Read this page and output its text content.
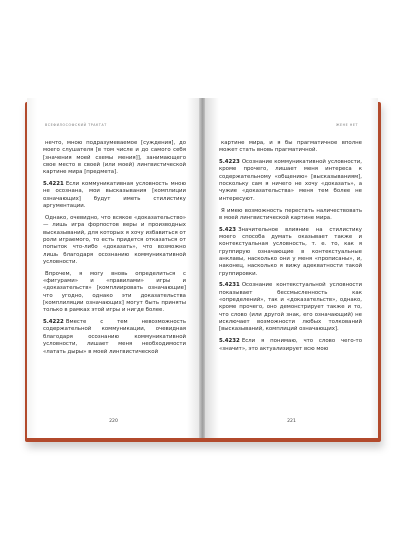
ВСЕФИЛОСОФСКИЙ ТРАКТАТ

нечто, мною подразумеваемое [суждения], до моего слушателя [в том числе и до самого себя [значения моей схемы мения]], занимающего свое место в своей (или моей) лингвистической картине мира [предмета].

5.4221 Если коммуникативная условность мною не осознана, мои высказывания [комплиции означающих] будут иметь стилистику аргументации.

Однако, очевидно, что всякое «доказательство» — лишь игра форпостов веры и производных высказываний, для которых я хочу избавиться от роли играемого, то есть придется отказаться от попыток что-либо «доказать», что возможно лишь благодаря осознанию коммуникативной условности.

Впрочем, я могу вновь определиться с «фигурами» и «правилами» игры и «доказательств» [комплиировать означающие] что угодно, однако эти доказательства [комплиляции означающих] могут быть приняты только в рамках этой игры и нигде более.

5.4222 Вместе с тем невозможность содержательной коммуникации, очевидная благодаря осознанию коммуникативной условности, лишает меня необходимости «латать дыры» в моей лингвистической

220
ЖЕНЕ НЕТ

картине мира, и я бы прагматичное вполне может стать вновь прагматичной.

5.4223 Осознание коммуникативной условности, кроме прочего, лишает меня интереса к содержательному «общению» [высказываниям], поскольку сам я ничего не хочу «доказать», а чужие «доказательства» меня тем более не интересуют.

Я имею возможность перестать наличествовать в моей лингвистической картине мира.

5.423 Значительное влияние на стилистику моего способа думать оказывает также и контекстуальная условность, т. е. то, как я группирую означающие в контекстуальные анклавы, насколько они у меня «прописаны», и, наконец, насколько я вижу адекватности такой группировки.

5.4231 Осознание контекстуальной условности показывает бессмысленность как «определений», так и «доказательств», однако, кроме прочего, оно демонстрирует также и то, что слово (или другой знак, его означающий) не исключает возможности любых толкований [высказываний, комплиций означающих].

5.4232 Если я понимаю, что слово чего-то «значит», это актуализирует всю мою

221
